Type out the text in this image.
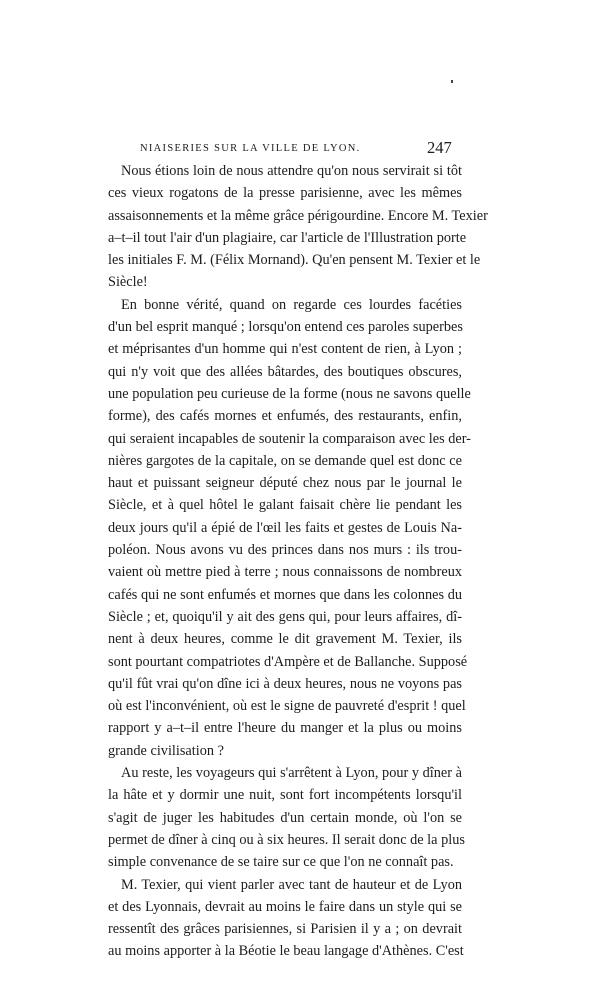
NIAISERIES SUR LA VILLE DE LYON.	247
Nous étions loin de nous attendre qu'on nous servirait si tôt
ces vieux rogatons de la presse parisienne, avec les mêmes
assaisonnements et la même grâce périgourdine. Encore M. Texier
a–t–il tout l'air d'un plagiaire, car l'article de l'Illustration porte
les initiales F. M. (Félix Mornand). Qu'en pensent M. Texier et le
Siècle!
En bonne vérité, quand on regarde ces lourdes facéties
d'un bel esprit manqué ; lorsqu'on entend ces paroles superbes
et méprisantes d'un homme qui n'est content de rien, à Lyon ;
qui n'y voit que des allées bâtardes, des boutiques obscures,
une population peu curieuse de la forme (nous ne savons quelle
forme), des cafés mornes et enfumés, des restaurants, enfin,
qui seraient incapables de soutenir la comparaison avec les der-
nières gargotes de la capitale, on se demande quel est donc ce
haut et puissant seigneur député chez nous par le journal le
Siècle, et à quel hôtel le galant faisait chère lie pendant les
deux jours qu'il a épié de l'œil les faits et gestes de Louis Na-
poléon. Nous avons vu des princes dans nos murs : ils trou-
vaient où mettre pied à terre ; nous connaissons de nombreux
cafés qui ne sont enfumés et mornes que dans les colonnes du
Siècle ; et, quoiqu'il y ait des gens qui, pour leurs affaires, dî-
nent à deux heures, comme le dit gravement M. Texier, ils
sont pourtant compatriotes d'Ampère et de Ballanche. Supposé
qu'il fût vrai qu'on dîne ici à deux heures, nous ne voyons pas
où est l'inconvénient, où est le signe de pauvreté d'esprit ! quel
rapport y a–t–il entre l'heure du manger et la plus ou moins
grande civilisation ?
Au reste, les voyageurs qui s'arrêtent à Lyon, pour y dîner à
la hâte et y dormir une nuit, sont fort incompétents lorsqu'il
s'agit de juger les habitudes d'un certain monde, où l'on se
permet de dîner à cinq ou à six heures. Il serait donc de la plus
simple convenance de se taire sur ce que l'on ne connaît pas.
M. Texier, qui vient parler avec tant de hauteur et de Lyon
et des Lyonnais, devrait au moins le faire dans un style qui se
ressentît des grâces parisiennes, si Parisien il y a ; on devrait
au moins apporter à la Béotie le beau langage d'Athènes. C'est
